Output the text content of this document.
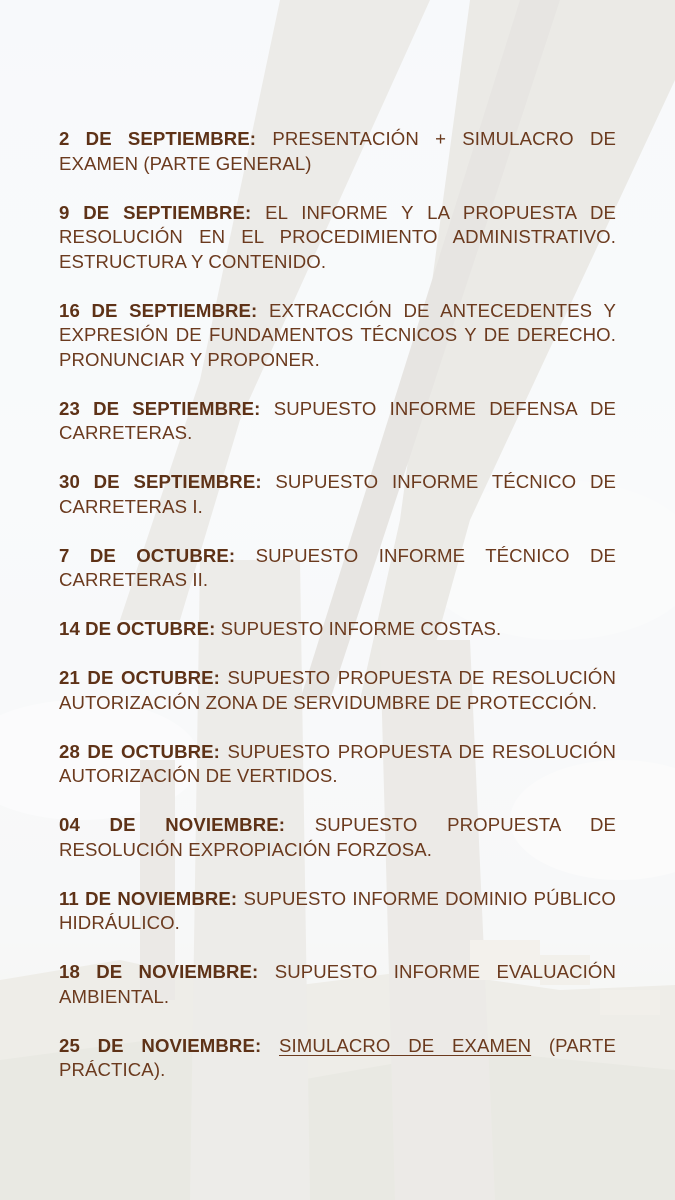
2 DE SEPTIEMBRE: PRESENTACIÓN + SIMULACRO DE EXAMEN (PARTE GENERAL)
9 DE SEPTIEMBRE: EL INFORME Y LA PROPUESTA DE RESOLUCIÓN EN EL PROCEDIMIENTO ADMINISTRATIVO. ESTRUCTURA Y CONTENIDO.
16 DE SEPTIEMBRE: EXTRACCIÓN DE ANTECEDENTES Y EXPRESIÓN DE FUNDAMENTOS TÉCNICOS Y DE DERECHO. PRONUNCIAR Y PROPONER.
23 DE SEPTIEMBRE: SUPUESTO INFORME DEFENSA DE CARRETERAS.
30 DE SEPTIEMBRE: SUPUESTO INFORME TÉCNICO DE CARRETERAS I.
7 DE OCTUBRE: SUPUESTO INFORME TÉCNICO DE CARRETERAS II.
14 DE OCTUBRE: SUPUESTO INFORME COSTAS.
21 DE OCTUBRE: SUPUESTO PROPUESTA DE RESOLUCIÓN AUTORIZACIÓN ZONA DE SERVIDUMBRE DE PROTECCIÓN.
28 DE OCTUBRE: SUPUESTO PROPUESTA DE RESOLUCIÓN AUTORIZACIÓN DE VERTIDOS.
04 DE NOVIEMBRE: SUPUESTO PROPUESTA DE RESOLUCIÓN EXPROPIACIÓN FORZOSA.
11 DE NOVIEMBRE: SUPUESTO INFORME DOMINIO PÚBLICO HIDRÁULICO.
18 DE NOVIEMBRE: SUPUESTO INFORME EVALUACIÓN AMBIENTAL.
25 DE NOVIEMBRE: SIMULACRO DE EXAMEN (PARTE PRÁCTICA).
